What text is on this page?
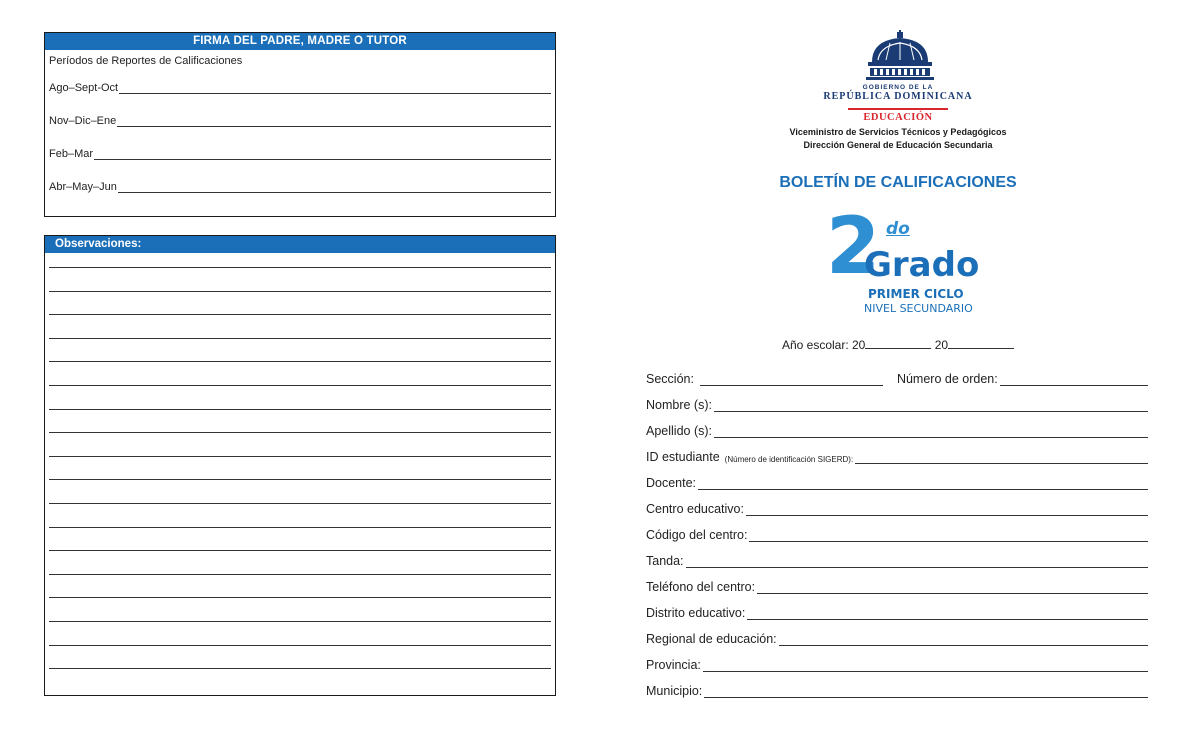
FIRMA DEL PADRE, MADRE O TUTOR
Períodos de Reportes de Calificaciones
Ago–Sept-Oct
Nov–Dic–Ene
Feb–Mar
Abr–May–Jun
Observaciones:
GOBIERNO DE LA
REPÚBLICA DOMINICANA
EDUCACIÓN
Viceministro de Servicios Técnicos y Pedagógicos
Dirección General de Educación Secundaria
BOLETÍN DE CALIFICACIONES
2 do
Grado
PRIMER CICLO
NIVEL SECUNDARIO
Año escolar: 20	20
Sección:	Número de orden:
Nombre (s):
Apellido (s):
ID estudiante (Número de identificación SIGERD):
Docente:
Centro educativo:
Código del centro:
Tanda:
Teléfono del centro:
Distrito educativo:
Regional de educación:
Provincia:
Municipio:
